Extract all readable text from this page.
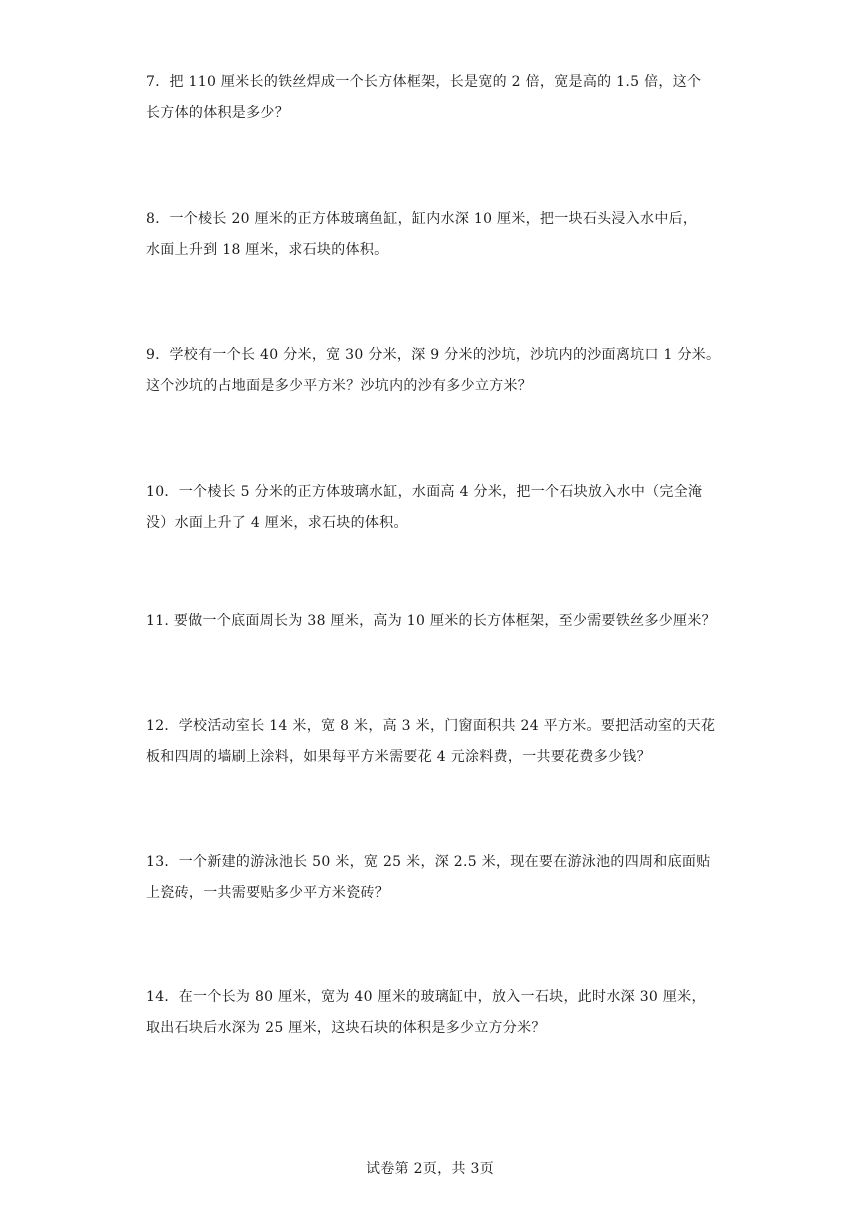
7．把 110 厘米长的铁丝焊成一个长方体框架，长是宽的 2 倍，宽是高的 1.5 倍，这个
长方体的体积是多少？
8．一个棱长 20 厘米的正方体玻璃鱼缸，缸内水深 10 厘米，把一块石头浸入水中后，
水面上升到 18 厘米，求石块的体积。
9．学校有一个长 40 分米，宽 30 分米，深 9 分米的沙坑，沙坑内的沙面离坑口 1 分米。
这个沙坑的占地面是多少平方米？沙坑内的沙有多少立方米？
10．一个棱长 5 分米的正方体玻璃水缸，水面高 4 分米，把一个石块放入水中（完全淹
没）水面上升了 4 厘米，求石块的体积。
11. 要做一个底面周长为 38 厘米，高为 10 厘米的长方体框架，至少需要铁丝多少厘米？
12．学校活动室长 14 米，宽 8 米，高 3 米，门窗面积共 24 平方米。要把活动室的天花
板和四周的墙刷上涂料，如果每平方米需要花 4 元涂料费，一共要花费多少钱？
13．一个新建的游泳池长 50 米，宽 25 米，深 2.5 米，现在要在游泳池的四周和底面贴
上瓷砖，一共需要贴多少平方米瓷砖？
14．在一个长为 80 厘米，宽为 40 厘米的玻璃缸中，放入一石块，此时水深 30 厘米，
取出石块后水深为 25 厘米，这块石块的体积是多少立方分米？
试卷第 2页，共 3页
